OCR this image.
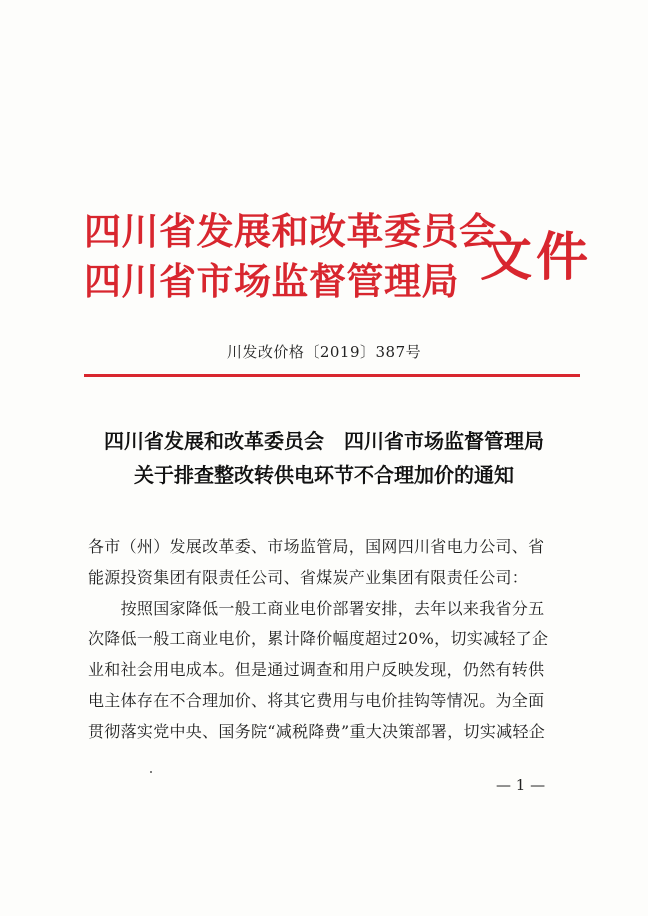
四川省发展和改革委员会
四川省市场监督管理局 文件
川发改价格〔2019〕387号
四川省发展和改革委员会　四川省市场监督管理局
关于排查整改转供电环节不合理加价的通知
各市（州）发展改革委、市场监管局，国网四川省电力公司、省
能源投资集团有限责任公司、省煤炭产业集团有限责任公司：
　　按照国家降低一般工商业电价部署安排，去年以来我省分五
次降低一般工商业电价，累计降价幅度超过20%，切实减轻了企
业和社会用电成本。但是通过调查和用户反映发现，仍然有转供
电主体存在不合理加价、将其它费用与电价挂钩等情况。为全面
贯彻落实党中央、国务院“减税降费”重大决策部署，切实减轻企
— 1 —
